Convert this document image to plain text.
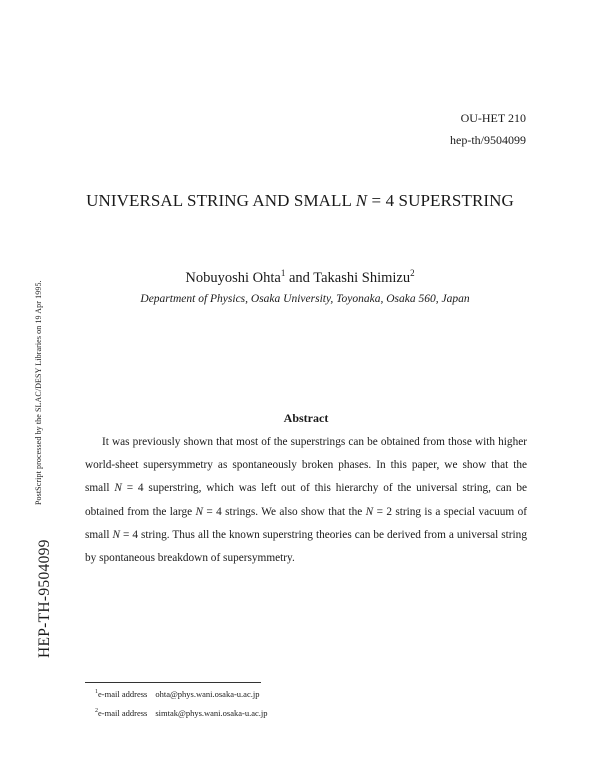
OU-HET 210
hep-th/9504099
PostScript processed by the SLAC/DESY Libraries on 19 Apr 1995.
HEP-TH-9504099
UNIVERSAL STRING AND SMALL N = 4 SUPERSTRING
Nobuyoshi Ohta$^1$ and Takashi Shimizu$^2$
Department of Physics, Osaka University, Toyonaka, Osaka 560, Japan
Abstract

It was previously shown that most of the superstrings can be obtained from those with higher world-sheet supersymmetry as spontaneously broken phases. In this paper, we show that the small N = 4 superstring, which was left out of this hierarchy of the universal string, can be obtained from the large N = 4 strings. We also show that the N = 2 string is a special vacuum of small N = 4 string. Thus all the known superstring theories can be derived from a universal string by spontaneous breakdown of supersymmetry.

$^1$e-mail address ohta@phys.wani.osaka-u.ac.jp
$^2$e-mail address simtak@phys.wani.osaka-u.ac.jp
